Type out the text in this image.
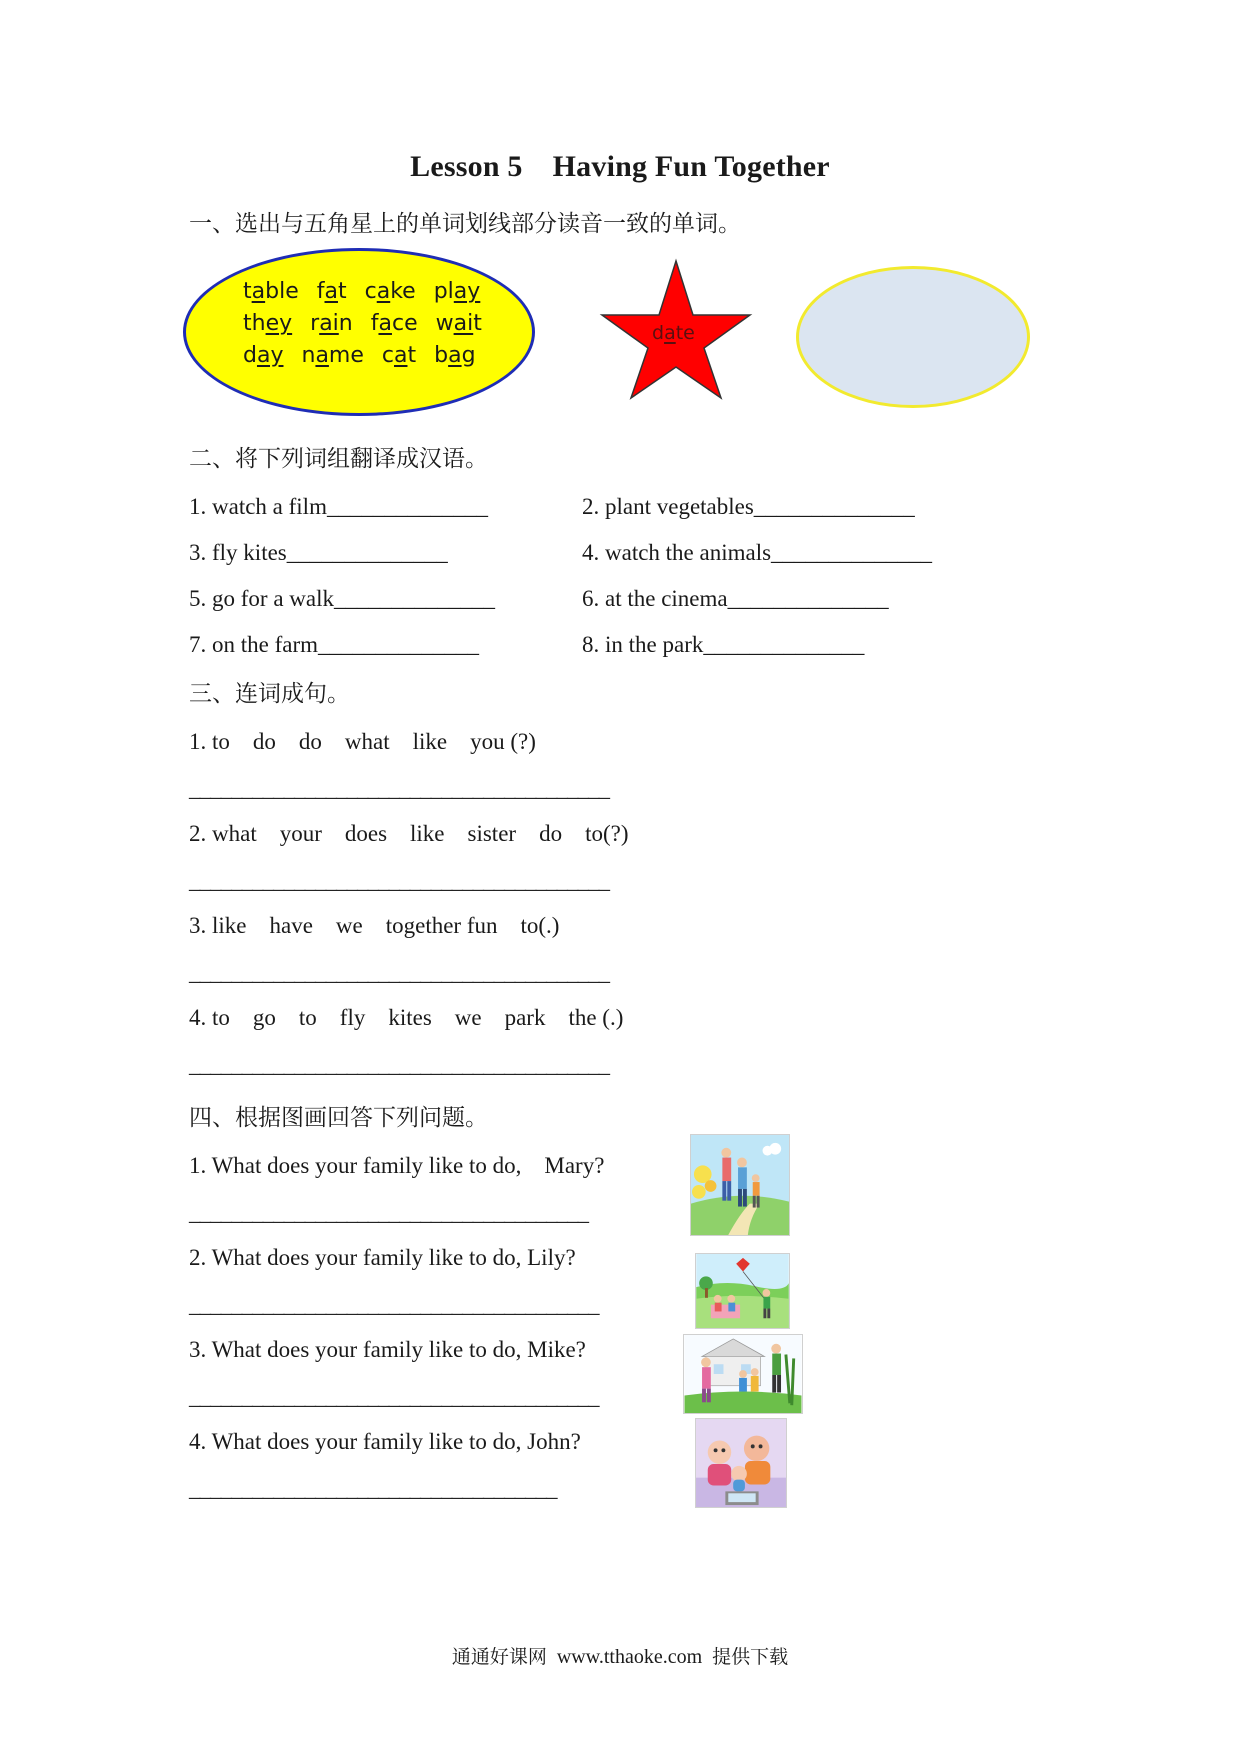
Lesson 5 Having Fun Together
一、选出与五角星上的单词划线部分读音一致的单词。
table fat cake play
they rain face wait
day name cat bag
date
二、将下列词组翻译成汉语。
1. watch a film______________	2. plant vegetables______________
3. fly kites______________	4. watch the animals______________
5. go for a walk______________	6. at the cinema______________
7. on the farm______________	8. in the park______________
三、连词成句。
1. to    do    do    what    like    you (?)
________________________________________
2. what    your    does    like    sister    do    to(?)
________________________________________
3. like    have    we    together fun    to(.)
________________________________________
4. to    go    to    fly    kites    we    park    the (.)
________________________________________
四、根据图画回答下列问题。
1. What does your family like to do,    Mary?
______________________________________
2. What does your family like to do, Lily?
_______________________________________
3. What does your family like to do, Mike?
_______________________________________
4. What does your family like to do, John?
___________________________________
通通好课网 www.tthaoke.com 提供下载
